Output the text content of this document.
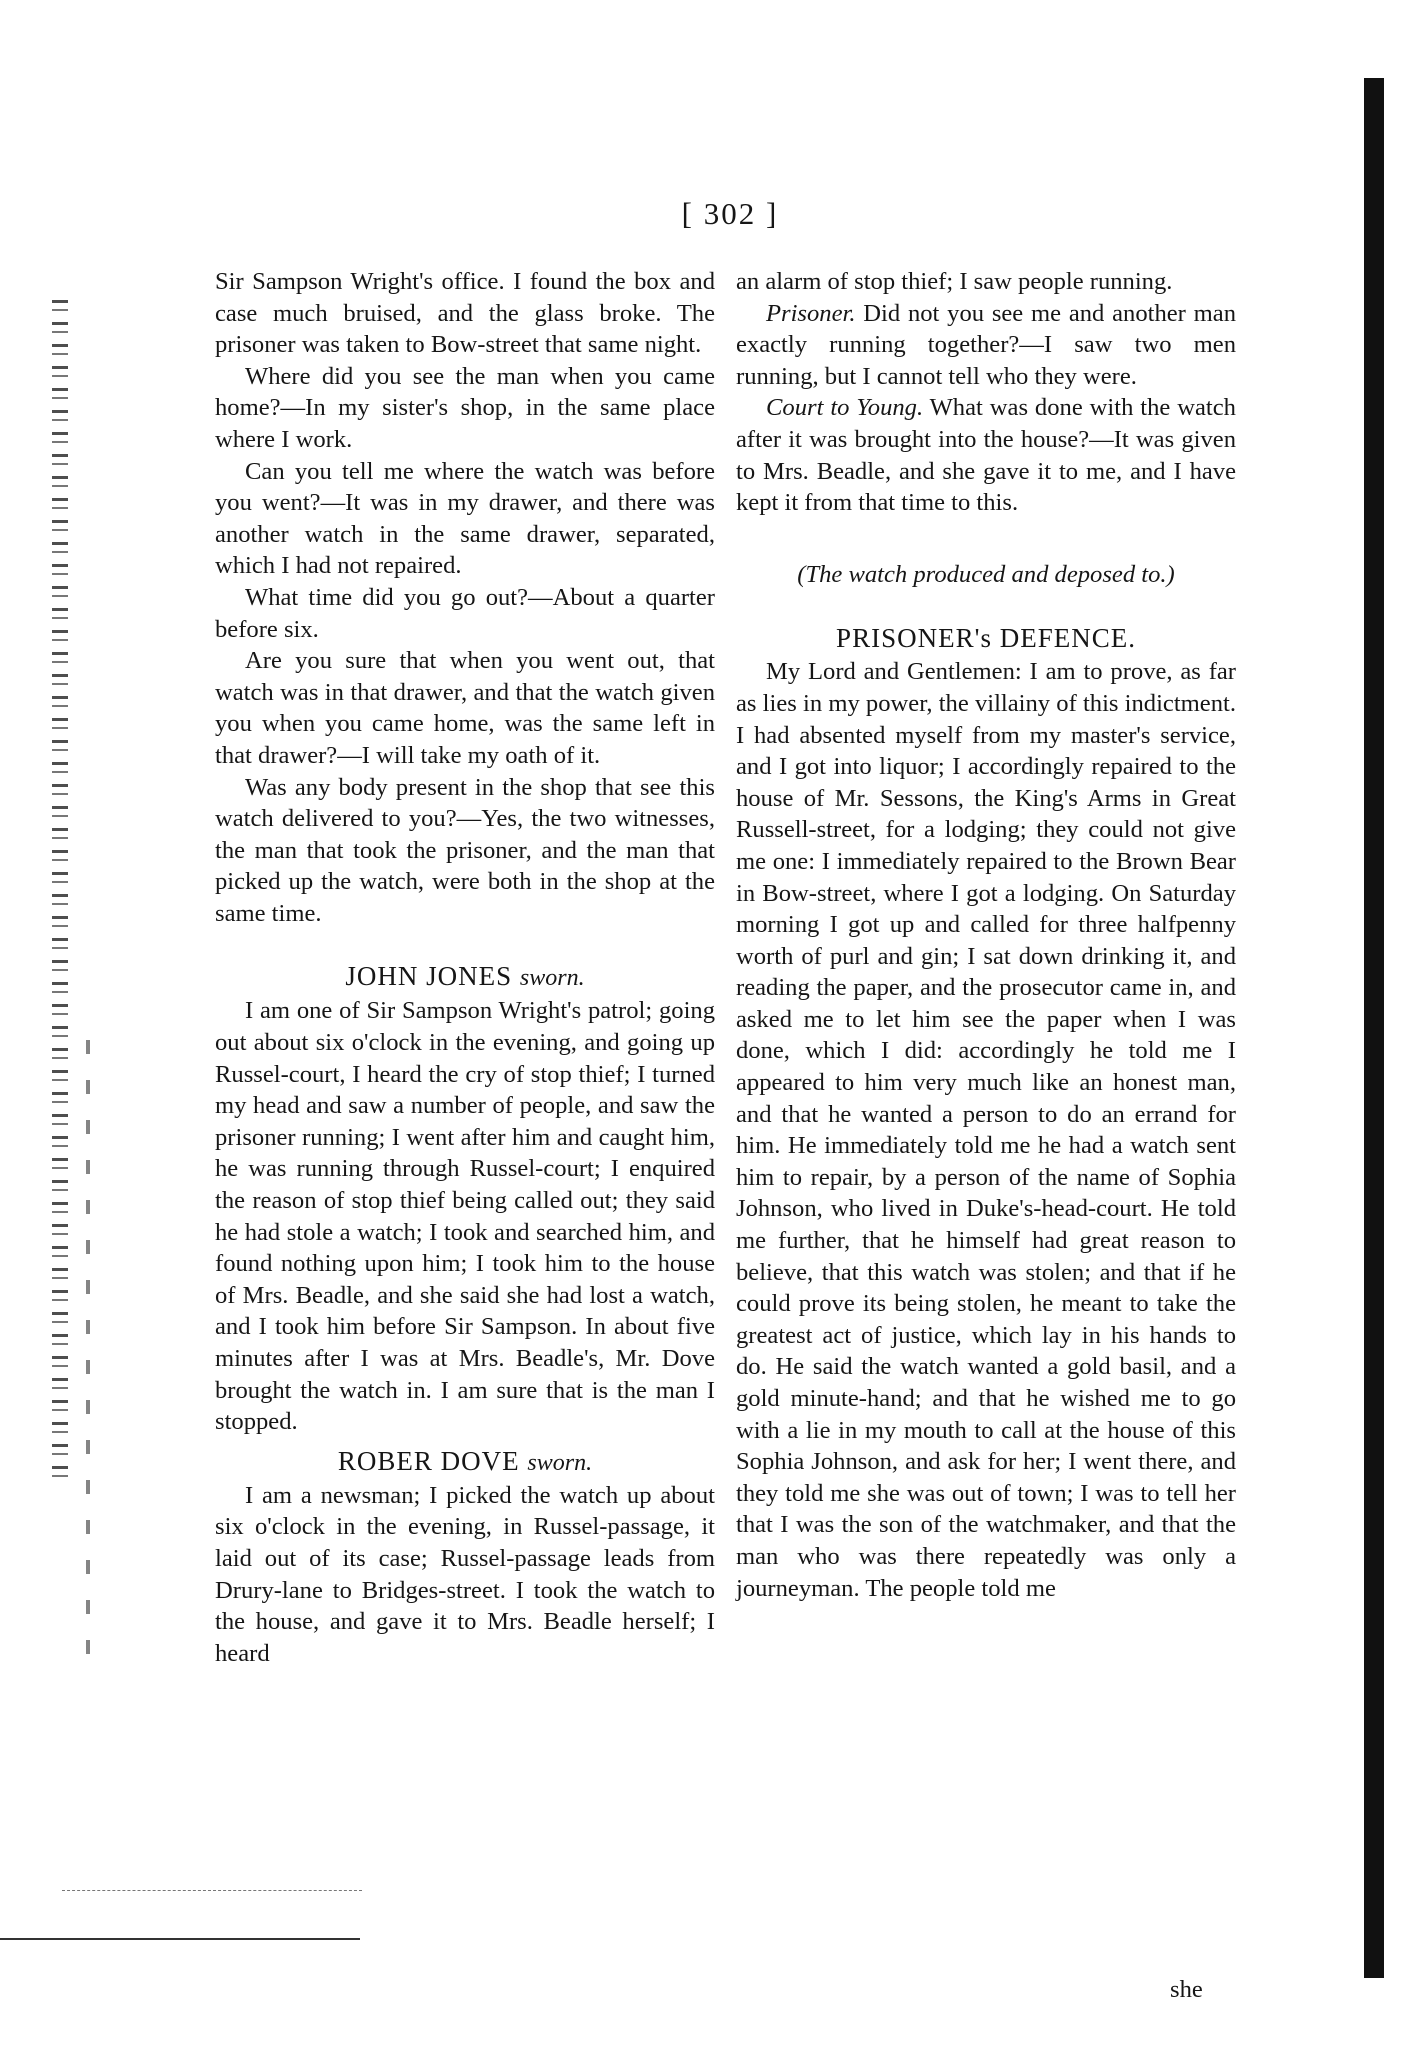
[ 302 ]

Sir Sampson Wright's office. I found the box and case much bruised, and the glass broke. The prisoner was taken to Bow-street that same night.

Where did you see the man when you came home?—In my sister's shop, in the same place where I work.

Can you tell me where the watch was before you went?—It was in my drawer, and there was another watch in the same drawer, separated, which I had not repaired.

What time did you go out?—About a quarter before six.

Are you sure that when you went out, that watch was in that drawer, and that the watch given you when you came home, was the same left in that drawer?—I will take my oath of it.

Was any body present in the shop that see this watch delivered to you?—Yes, the two witnesses, the man that took the prisoner, and the man that picked up the watch, were both in the shop at the same time.

JOHN JONES sworn.

I am one of Sir Sampson Wright's patrol; going out about six o'clock in the evening, and going up Russel-court, I heard the cry of stop thief; I turned my head and saw a number of people, and saw the prisoner running; I went after him and caught him, he was running through Russel-court; I enquired the reason of stop thief being called out; they said he had stole a watch; I took and searched him, and found nothing upon him; I took him to the house of Mrs. Beadle, and she said she had lost a watch, and I took him before Sir Sampson. In about five minutes after I was at Mrs. Beadle's, Mr. Dove brought the watch in. I am sure that is the man I stopped.

ROBER DOVE sworn.

I am a newsman; I picked the watch up about six o'clock in the evening, in Russel-passage, it laid out of its case; Russel-passage leads from Drury-lane to Bridges-street. I took the watch to the house, and gave it to Mrs. Beadle herself; I heard

an alarm of stop thief; I saw people running.

Prisoner. Did not you see me and another man exactly running together?—I saw two men running, but I cannot tell who they were.

Court to Young. What was done with the watch after it was brought into the house?—It was given to Mrs. Beadle, and she gave it to me, and I have kept it from that time to this.

(The watch produced and deposed to.)

PRISONER's DEFENCE.

My Lord and Gentlemen: I am to prove, as far as lies in my power, the villainy of this indictment. I had absented myself from my master's service, and I got into liquor; I accordingly repaired to the house of Mr. Sessons, the King's Arms in Great Russell-street, for a lodging; they could not give me one: I immediately repaired to the Brown Bear in Bow-street, where I got a lodging. On Saturday morning I got up and called for three halfpenny worth of purl and gin; I sat down drinking it, and reading the paper, and the prosecutor came in, and asked me to let him see the paper when I was done, which I did: accordingly he told me I appeared to him very much like an honest man, and that he wanted a person to do an errand for him. He immediately told me he had a watch sent him to repair, by a person of the name of Sophia Johnson, who lived in Duke's-head-court. He told me further, that he himself had great reason to believe, that this watch was stolen; and that if he could prove its being stolen, he meant to take the greatest act of justice, which lay in his hands to do. He said the watch wanted a gold basil, and a gold minute-hand; and that he wished me to go with a lie in my mouth to call at the house of this Sophia Johnson, and ask for her; I went there, and they told me she was out of town; I was to tell her that I was the son of the watchmaker, and that the man who was there repeatedly was only a journeyman. The people told me

she
